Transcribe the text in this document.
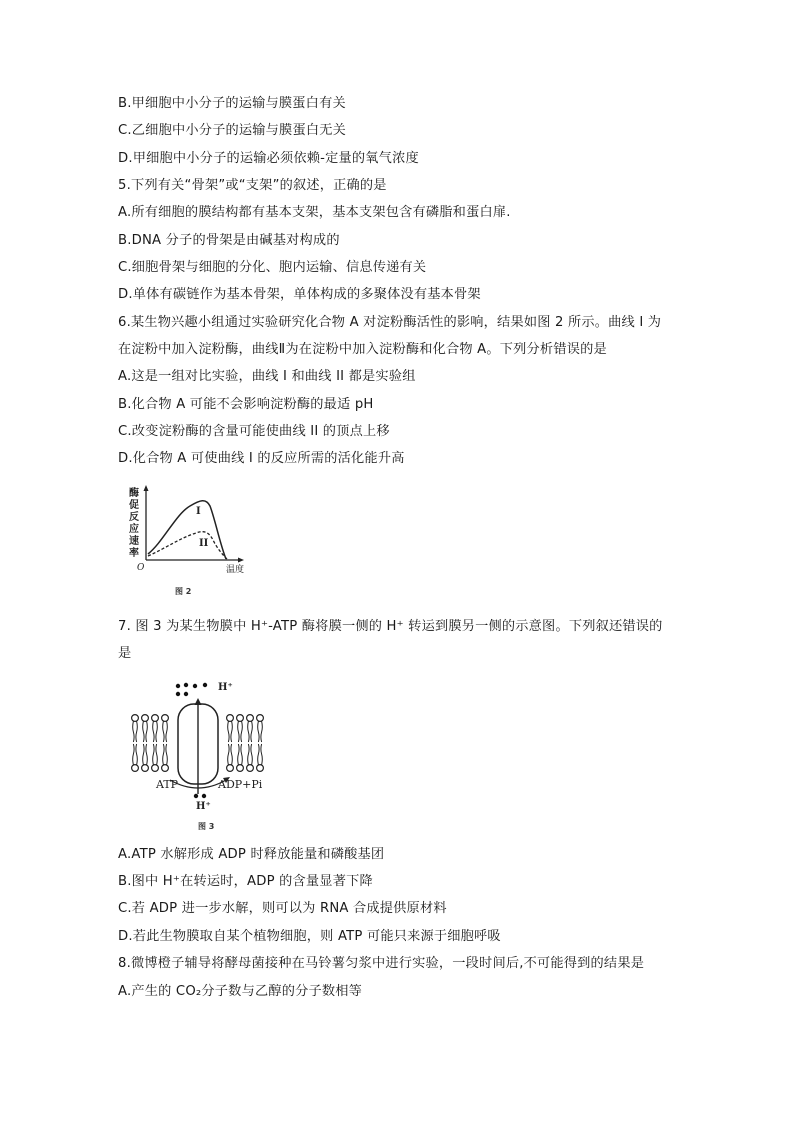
B.甲细胞中小分子的运输与膜蛋白有关
C.乙细胞中小分子的运输与膜蛋白无关
D.甲细胞中小分子的运输必须依赖-定量的氧气浓度
5.下列有关“骨架”或“支架”的叙述，正确的是
A.所有细胞的膜结构都有基本支架，基本支架包含有磷脂和蛋白扉.
B.DNA 分子的骨架是由碱基对构成的
C.细胞骨架与细胞的分化、胞内运输、信息传递有关
D.单体有碳链作为基本骨架，单体构成的多聚体没有基本骨架
6.某生物兴趣小组通过实验研究化合物 A 对淀粉酶活性的影响，结果如图 2 所示。曲线 I 为
在淀粉中加入淀粉酶，曲线Ⅱ为在淀粉中加入淀粉酶和化合物 A。下列分析错误的是
A.这是一组对比实验，曲线 I 和曲线 II 都是实验组
B.化合物 A 可能不会影响淀粉酶的最适 pH
C.改变淀粉酶的含量可能使曲线 II 的顶点上移
D.化合物 A 可使曲线 I 的反应所需的活化能升高
酶
促
反
应
速
率
O	温度
I
II
图 2
7. 图 3 为某生物膜中 H⁺-ATP 酶将膜一侧的 H⁺ 转运到膜另一侧的示意图。下列叙还错误的
是
H⁺
ATP	ADP+Pi
H⁺
图 3
A.ATP 水解形成 ADP 时释放能量和磷酸基团
B.图中 H⁺在转运时，ADP 的含量显著下降
C.若 ADP 进一步水解，则可以为 RNA 合成提供原材料
D.若此生物膜取自某个植物细胞，则 ATP 可能只来源于细胞呼吸
8.微博橙子辅导将酵母菌接种在马铃薯匀浆中进行实验，一段时间后,不可能得到的结果是
A.产生的 CO₂分子数与乙醇的分子数相等
